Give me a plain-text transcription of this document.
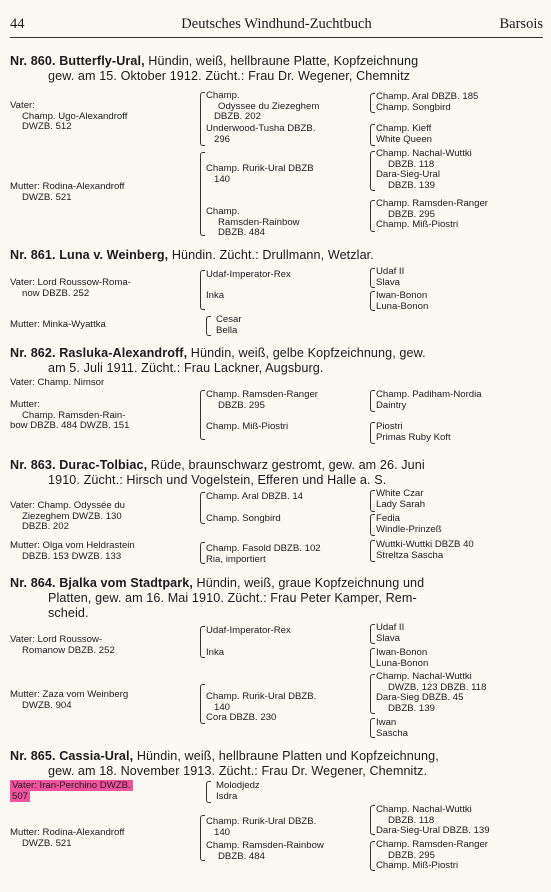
44	Deutsches Windhund-Zuchtbuch	Barsois
Nr. 860. Butterfly-Ural, Hündin, weiß, hellbraune Platte, Kopfzeichnung
gew. am 15. Oktober 1912. Zücht.: Frau Dr. Wegener, Chemnitz
Vater:
Champ. Ugo-Alexandroff
DWZB. 512
Mutter: Rodina-Alexandroff
DWZB. 521
Champ.
Odyssee du Ziezeghem
DBZB. 202
Underwood-Tusha DBZB.
296
Champ. Rurik-Ural DBZB
140
Champ.
Ramsden-Rainbow
DBZB. 484
Champ. Aral DBZB. 185
Champ. Songbird
Champ. Kieff
White Queen
Champ. Nachal-Wuttki
DBZB. 118
Dara-Sieg-Ural
DBZB. 139
Champ. Ramsden-Ranger
DBZB. 295
Champ. Miß-Piostri
Nr. 861. Luna v. Weinberg, Hündin. Zücht.: Drullmann, Wetzlar.
Vater: Lord Roussow-Roma-
now DBZB. 252
Mutter: Minka-Wyattka
Udaf-Imperator-Rex
Inka
Udaf II
Slava
Iwan-Bonon
Luna-Bonon
Cesar
Bella
Nr. 862. Rasluka-Alexandroff, Hündin, weiß, gelbe Kopfzeichnung, gew.
am 5. Juli 1911. Zücht.: Frau Lackner, Augsburg.
Vater: Champ. Nimsor
Mutter:
Champ. Ramsden-Rain-
bow DBZB. 484 DWZB. 151
Champ. Ramsden-Ranger
DBZB. 295
Champ. Miß-Piostri
Champ. Padiham-Nordia
Daintry
Piostri
Primas Ruby Koft
Nr. 863. Durac-Tolbiac, Rüde, braunschwarz gestromt, gew. am 26. Juni
1910. Zücht.: Hirsch und Vogelstein, Efferen und Halle a. S.
Vater: Champ. Odyssée du
Ziezeghem DWZB. 130
DBZB. 202
Mutter: Olga vom Heldrastein
DBZB. 153 DWZB. 133
Champ. Aral DBZB. 14
Champ. Songbird
Champ. Fasold DBZB. 102
Ria, importiert
White Czar
Lady Sarah
Fedia
Windle-Prinzeß
Wuttki-Wuttki DBZB 40
Streltza Sascha
Nr. 864. Bjalka vom Stadtpark, Hündin, weiß, graue Kopfzeichnung und
Platten, gew. am 16. Mai 1910. Zücht.: Frau Peter Kamper, Rem-
scheid.
Vater: Lord Roussow-
Romanow DBZB. 252
Mutter: Zaza vom Weinberg
DWZB. 904
Udaf-Imperator-Rex
Inka
Champ. Rurik-Ural DBZB.
140
Cora DBZB. 230
Udaf II
Slava
Iwan-Bonon
Luna-Bonon
Champ. Nachal-Wuttki
DWZB. 123 DBZB. 118
Dara-Sieg DBZB. 45
DBZB. 139
Iwan
Sascha
Nr. 865. Cassia-Ural, Hündin, weiß, hellbraune Platten und Kopfzeichnung,
gew. am 18. November 1913. Zücht.: Frau Dr. Wegener, Chemnitz.
Vater: Iran-Perchino DWZB.
507
Molodjedz
Isdra
Mutter: Rodina-Alexandroff
DWZB. 521
Champ. Rurik-Ural DBZB.
140
Champ. Ramsden-Rainbow
DBZB. 484
Champ. Nachal-Wuttki
DBZB. 118
Dara-Sieg-Ural DBZB. 139
Champ. Ramsden-Ranger
DBZB. 295
Champ. Miß-Piostri
